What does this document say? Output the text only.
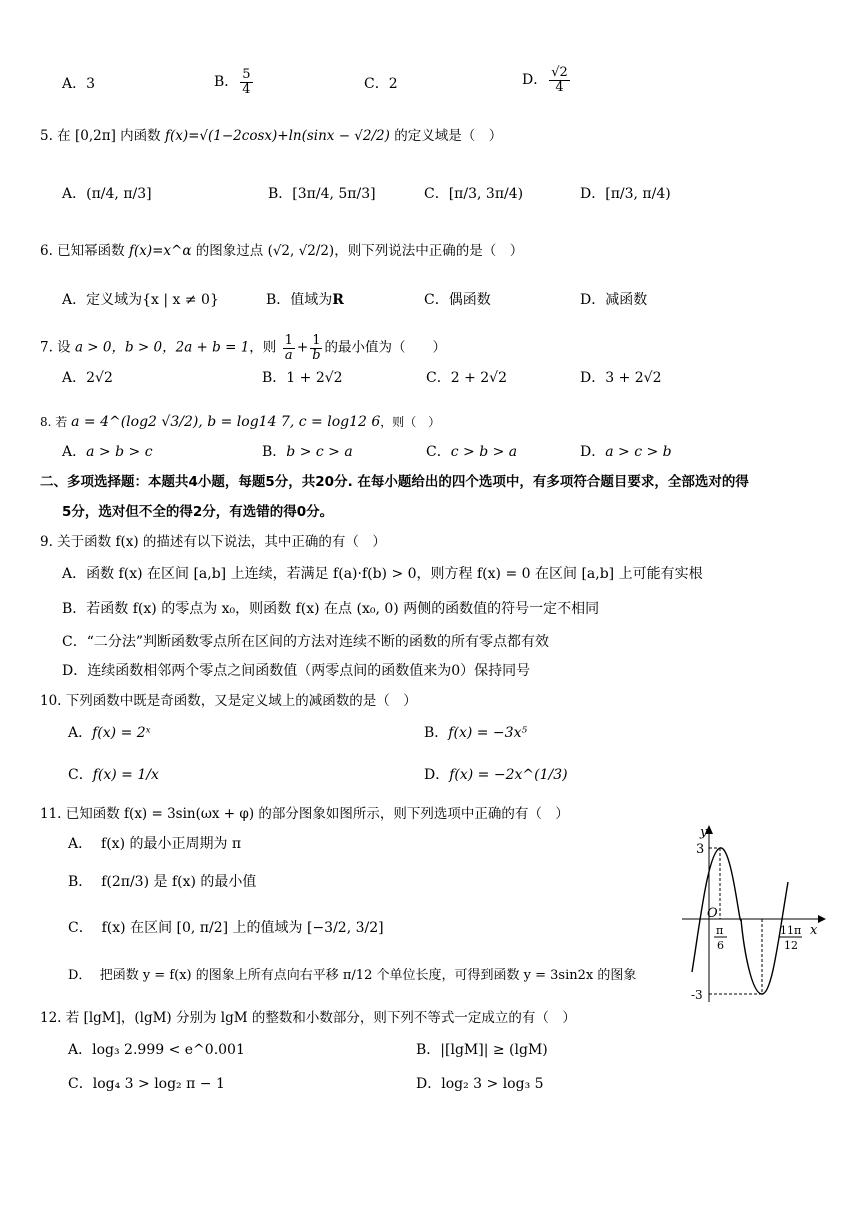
A．3	B． $\frac{5}{4}$	C．2	D． $\frac{√2}{4}$
5. 在 [0,2π] 内函数 f(x)=√(1−2cosx)+ln(sinx − √2/2) 的定义域是（　）
A．(π/4, π/3]	B．[3π/4, 5π/3]	C．[π/3, 3π/4)	D．[π/3, π/4)
6. 已知幂函数 f(x)=x^α 的图象过点 (√2, √2/2)，则下列说法中正确的是（　）
A．定义域为{x | x ≠ 0}	B．值域为R	C．偶函数	D．减函数
7. 设 a > 0，b > 0，2a + b = 1，则 $\frac{1}{a} + \frac{1}{b}$ 的最小值为（　　）
A．2√2	B．1 + 2√2	C．2 + 2√2	D．3 + 2√2
8. 若 a = 4^(log2 √3/2), b = log14 7, c = log12 6，则（　）
A．a > b > c	B．b > c > a	C．c > b > a	D．a > c > b
二、多项选择题：本题共4小题，每题5分，共20分. 在每小题给出的四个选项中，有多项符合题目要求，全部选对的得
5分，选对但不全的得2分，有选错的得0分。
9. 关于函数 f(x) 的描述有以下说法，其中正确的有（　）
A．函数 f(x) 在区间 [a,b] 上连续，若满足 f(a)·f(b) > 0，则方程 f(x) = 0 在区间 [a,b] 上可能有实根
B．若函数 f(x) 的零点为 x₀，则函数 f(x) 在点 (x₀, 0) 两侧的函数值的符号一定不相同
C．“二分法”判断函数零点所在区间的方法对连续不断的函数的所有零点都有效
D．连续函数相邻两个零点之间函数值（两零点间的函数值来为0）保持同号
10. 下列函数中既是奇函数，又是定义域上的减函数的是（　）
A．f(x) = 2ˣ	B．f(x) = −3x⁵
C．f(x) = 1/x	D．f(x) = −2x^(1/3)
11. 已知函数 f(x) = 3sin(ωx + φ) 的部分图象如图所示，则下列选项中正确的有（　）
A． f(x) 的最小正周期为 π
B． f(2π/3) 是 f(x) 的最小值
C． f(x) 在区间 [0, π/2] 上的值域为 [−3/2, 3/2]
D． 把函数 y = f(x) 的图象上所有点向右平移 π/12 个单位长度，可得到函数 y = 3sin2x 的图象
y
x
3
-3
O
π
6
11π
12
12. 若 [lgM]，(lgM) 分别为 lgM 的整数和小数部分，则下列不等式一定成立的有（　）
A．log₃ 2.999 < e^0.001	B．|[lgM]| ≥ (lgM)
C．log₄ 3 > log₂ π − 1	D．log₂ 3 > log₃ 5
